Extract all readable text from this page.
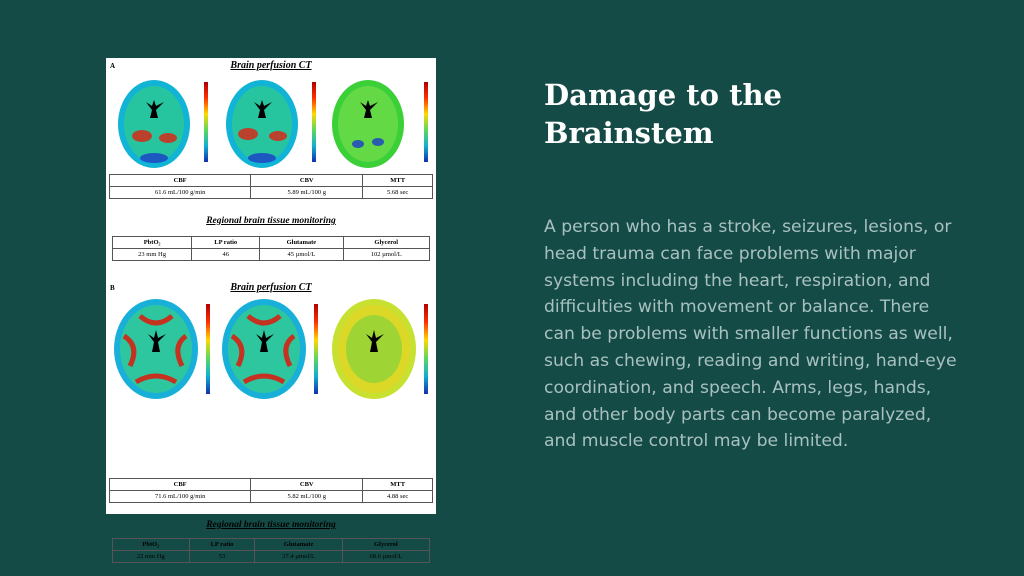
A	Brain perfusion CT
CBF	CBV	MTT
61.6 mL/100 g/min	5.89 mL/100 g	5.68 sec
Regional brain tissue monitoring
PbtO₂	LP ratio	Glutamate	Glycerol
23 mm Hg	46	45 µmol/L	102 µmol/L
B	Brain perfusion CT
CBF	CBV	MTT
71.6 mL/100 g/min	5.82 mL/100 g	4.88 sec
Regional brain tissue monitoring
PbtO₂	LP ratio	Glutamate	Glycerol
22 mm Hg	53	37.4 µmol/L	68.6 µmol/L
Damage to the Brainstem

A person who has a stroke, seizures, lesions, or head trauma can face problems with major systems including the heart, respiration, and difficulties with movement or balance. There can be problems with smaller functions as well, such as chewing, reading and writing, hand-eye coordination, and speech. Arms, legs, hands, and other body parts can become paralyzed, and muscle control may be limited.
